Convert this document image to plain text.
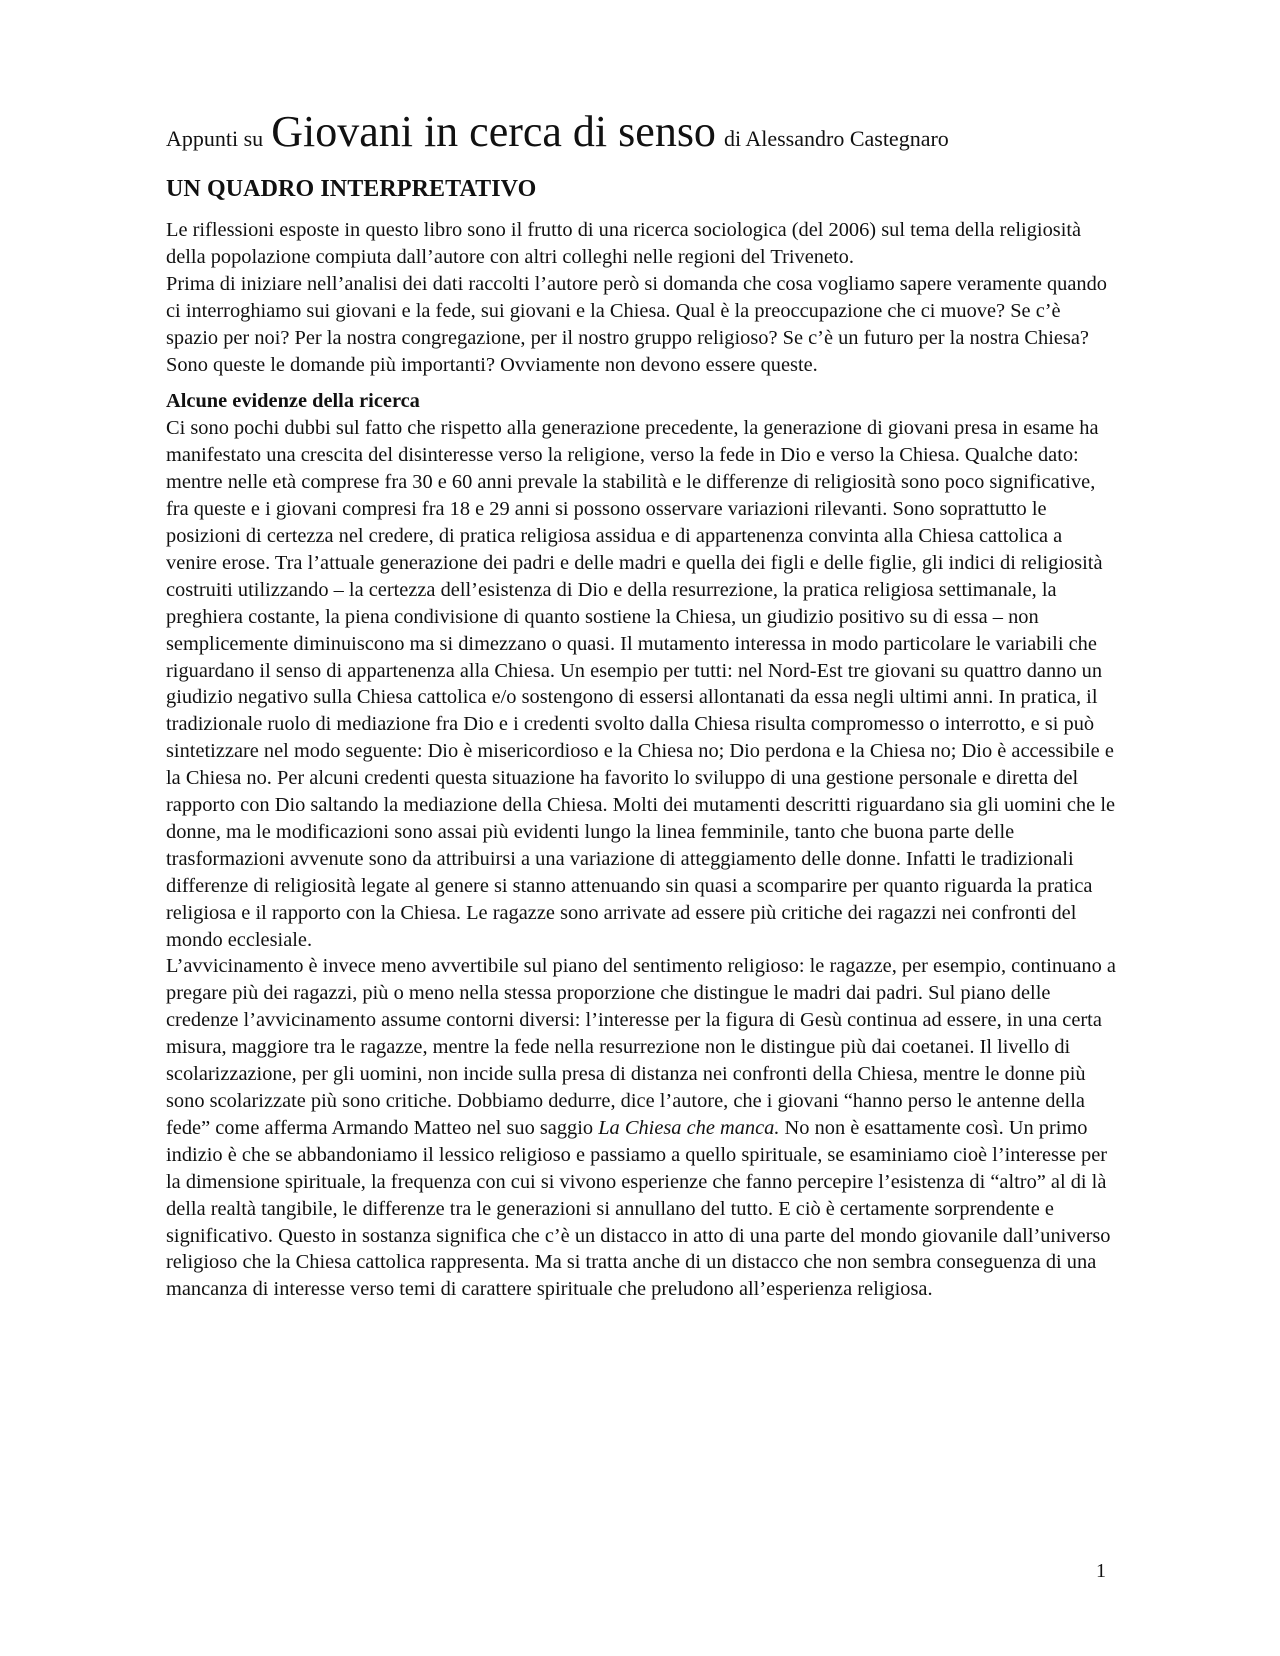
Appunti su Giovani in cerca di senso di Alessandro Castegnaro
UN QUADRO INTERPRETATIVO

Le riflessioni esposte in questo libro sono il frutto di una ricerca sociologica (del 2006) sul tema della religiosità della popolazione compiuta dall’autore con altri colleghi nelle regioni del Triveneto.

Prima di iniziare nell’analisi dei dati raccolti l’autore però si domanda che cosa vogliamo sapere veramente quando ci interroghiamo sui giovani e la fede, sui giovani e la Chiesa. Qual è la preoccupazione che ci muove? Se c’è spazio per noi? Per la nostra congregazione, per il nostro gruppo religioso? Se c’è un futuro per la nostra Chiesa? Sono queste le domande più importanti? Ovviamente non devono essere queste.

Alcune evidenze della ricerca

Ci sono pochi dubbi sul fatto che rispetto alla generazione precedente, la generazione di giovani presa in esame ha manifestato una crescita del disinteresse verso la religione, verso la fede in Dio e verso la Chiesa. Qualche dato: mentre nelle età comprese fra 30 e 60 anni prevale la stabilità e le differenze di religiosità sono poco significative, fra queste e i giovani compresi fra 18 e 29 anni si possono osservare variazioni rilevanti. Sono soprattutto le posizioni di certezza nel credere, di pratica religiosa assidua e di appartenenza convinta alla Chiesa cattolica a venire erose. Tra l’attuale generazione dei padri e delle madri e quella dei figli e delle figlie, gli indici di religiosità costruiti utilizzando – la certezza dell’esistenza di Dio e della resurrezione, la pratica religiosa settimanale, la preghiera costante, la piena condivisione di quanto sostiene la Chiesa, un giudizio positivo su di essa – non semplicemente diminuiscono ma si dimezzano o quasi. Il mutamento interessa in modo particolare le variabili che riguardano il senso di appartenenza alla Chiesa. Un esempio per tutti: nel Nord-Est tre giovani su quattro danno un giudizio negativo sulla Chiesa cattolica e/o sostengono di essersi allontanati da essa negli ultimi anni. In pratica, il tradizionale ruolo di mediazione fra Dio e i credenti svolto dalla Chiesa risulta compromesso o interrotto, e si può sintetizzare nel modo seguente: Dio è misericordioso e la Chiesa no; Dio perdona e la Chiesa no; Dio è accessibile e la Chiesa no. Per alcuni credenti questa situazione ha favorito lo sviluppo di una gestione personale e diretta del rapporto con Dio saltando la mediazione della Chiesa. Molti dei mutamenti descritti riguardano sia gli uomini che le donne, ma le modificazioni sono assai più evidenti lungo la linea femminile, tanto che buona parte delle trasformazioni avvenute sono da attribuirsi a una variazione di atteggiamento delle donne. Infatti le tradizionali differenze di religiosità legate al genere si stanno attenuando sin quasi a scomparire per quanto riguarda la pratica religiosa e il rapporto con la Chiesa. Le ragazze sono arrivate ad essere più critiche dei ragazzi nei confronti del mondo ecclesiale.

L’avvicinamento è invece meno avvertibile sul piano del sentimento religioso: le ragazze, per esempio, continuano a pregare più dei ragazzi, più o meno nella stessa proporzione che distingue le madri dai padri. Sul piano delle credenze l’avvicinamento assume contorni diversi: l’interesse per la figura di Gesù continua ad essere, in una certa misura, maggiore tra le ragazze, mentre la fede nella resurrezione non le distingue più dai coetanei. Il livello di scolarizzazione, per gli uomini, non incide sulla presa di distanza nei confronti della Chiesa, mentre le donne più sono scolarizzate più sono critiche. Dobbiamo dedurre, dice l’autore, che i giovani “hanno perso le antenne della fede” come afferma Armando Matteo nel suo saggio La Chiesa che manca. No non è esattamente così. Un primo indizio è che se abbandoniamo il lessico religioso e passiamo a quello spirituale, se esaminiamo cioè l’interesse per la dimensione spirituale, la frequenza con cui si vivono esperienze che fanno percepire l’esistenza di “altro” al di là della realtà tangibile, le differenze tra le generazioni si annullano del tutto. E ciò è certamente sorprendente e significativo. Questo in sostanza significa che c’è un distacco in atto di una parte del mondo giovanile dall’universo religioso che la Chiesa cattolica rappresenta. Ma si tratta anche di un distacco che non sembra conseguenza di una mancanza di interesse verso temi di carattere spirituale che preludono all’esperienza religiosa.

1
